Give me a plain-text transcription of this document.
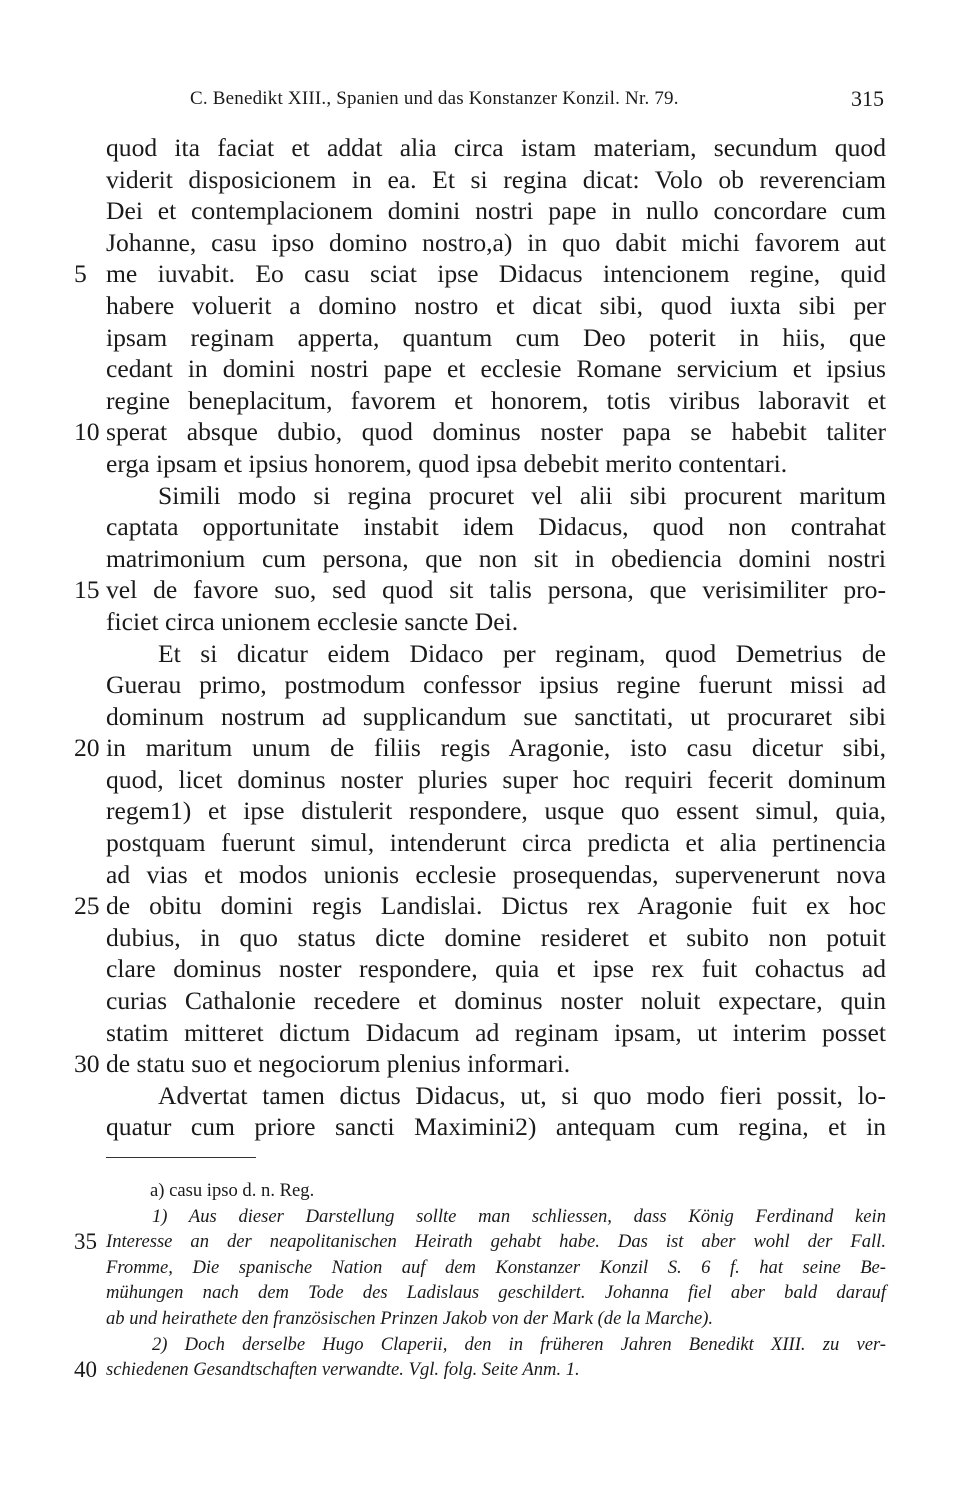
C. Benedikt XIII., Spanien und das Konstanzer Konzil. Nr. 79.	315
quod ita faciat et addat alia circa istam materiam, secundum quod
viderit disposicionem in ea. Et si regina dicat: Volo ob reverenciam
Dei et contemplacionem domini nostri pape in nullo concordare cum
Johanne, casu ipso domino nostro,a) in quo dabit michi favorem aut
5 me iuvabit. Eo casu sciat ipse Didacus intencionem regine, quid
habere voluerit a domino nostro et dicat sibi, quod iuxta sibi per
ipsam reginam apperta, quantum cum Deo poterit in hiis, que
cedant in domini nostri pape et ecclesie Romane servicium et ipsius
regine beneplacitum, favorem et honorem, totis viribus laboravit et
10 sperat absque dubio, quod dominus noster papa se habebit taliter
erga ipsam et ipsius honorem, quod ipsa debebit merito contentari.
Simili modo si regina procuret vel alii sibi procurent maritum
captata opportunitate instabit idem Didacus, quod non contrahat
matrimonium cum persona, que non sit in obediencia domini nostri
15 vel de favore suo, sed quod sit talis persona, que verisimiliter pro-
ficiet circa unionem ecclesie sancte Dei.
Et si dicatur eidem Didaco per reginam, quod Demetrius de
Guerau primo, postmodum confessor ipsius regine fuerunt missi ad
dominum nostrum ad supplicandum sue sanctitati, ut procuraret sibi
20 in maritum unum de filiis regis Aragonie, isto casu dicetur sibi,
quod, licet dominus noster pluries super hoc requiri fecerit dominum
regem1) et ipse distulerit respondere, usque quo essent simul, quia,
postquam fuerunt simul, intenderunt circa predicta et alia pertinencia
ad vias et modos unionis ecclesie prosequendas, supervenerunt nova
25 de obitu domini regis Landislai. Dictus rex Aragonie fuit ex hoc
dubius, in quo status dicte domine resideret et subito non potuit
clare dominus noster respondere, quia et ipse rex fuit cohactus ad
curias Cathalonie recedere et dominus noster noluit expectare, quin
statim mitteret dictum Didacum ad reginam ipsam, ut interim posset
30 de statu suo et negociorum plenius informari.
Advertat tamen dictus Didacus, ut, si quo modo fieri possit, lo-
quatur cum priore sancti Maximini2) antequam cum regina, et in
a) casu ipso d. n. Reg.
1) Aus dieser Darstellung sollte man schliessen, dass König Ferdinand kein
35 Interesse an der neapolitanischen Heirath gehabt habe. Das ist aber wohl der Fall.
Fromme, Die spanische Nation auf dem Konstanzer Konzil S. 6 f. hat seine Be-
mühungen nach dem Tode des Ladislaus geschildert. Johanna fiel aber bald darauf
ab und heirathete den französischen Prinzen Jakob von der Mark (de la Marche).
2) Doch derselbe Hugo Claperii, den in früheren Jahren Benedikt XIII. zu ver-
40 schiedenen Gesandtschaften verwandte. Vgl. folg. Seite Anm. 1.
